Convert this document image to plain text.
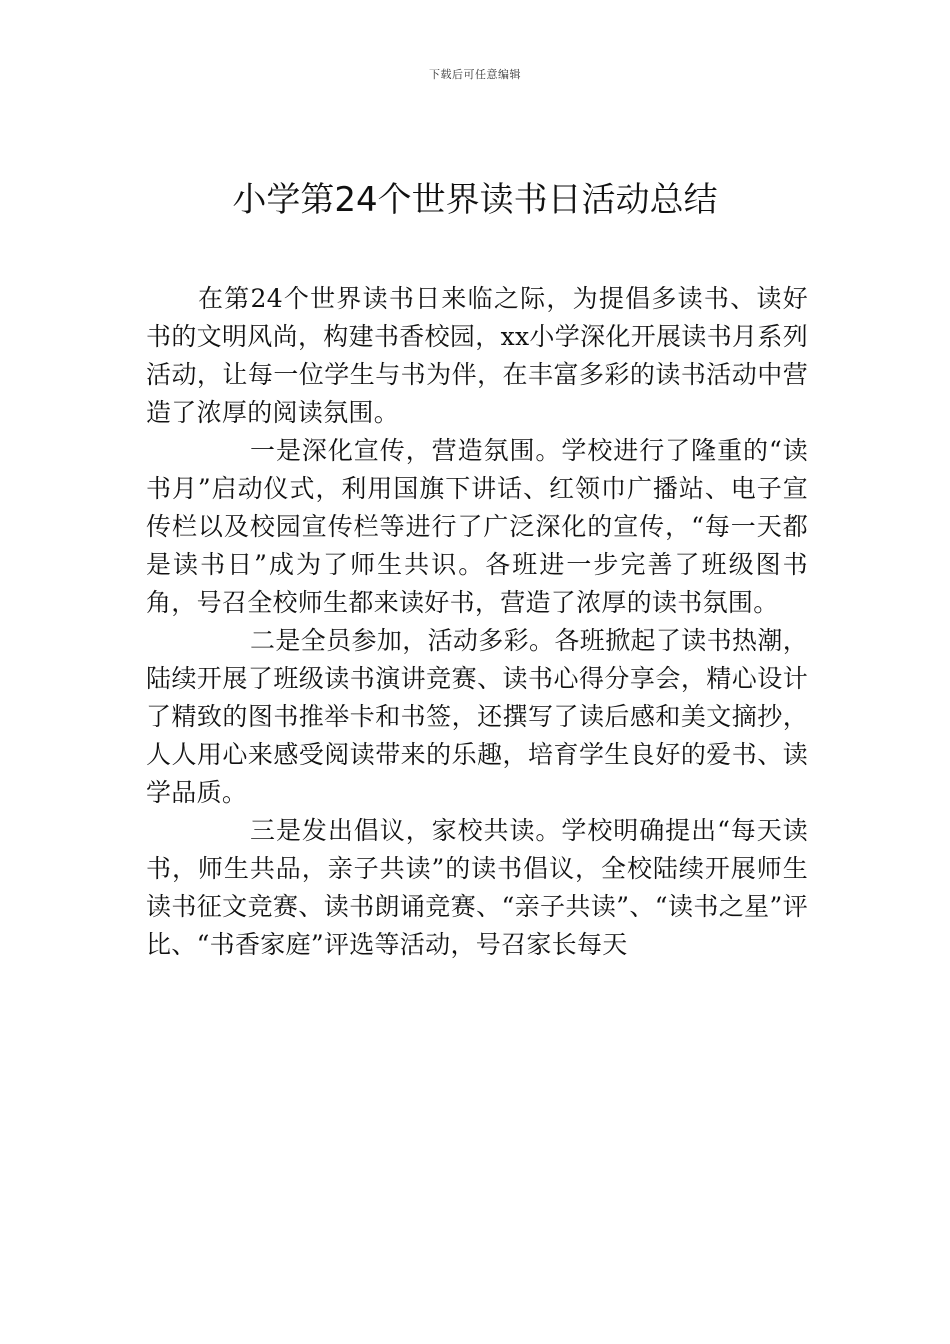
下载后可任意编辑
小学第24个世界读书日活动总结

在第24个世界读书日来临之际，为提倡多读书、读好书的文明风尚，构建书香校园，xx小学深化开展读书月系列活动，让每一位学生与书为伴，在丰富多彩的读书活动中营造了浓厚的阅读氛围。

一是深化宣传，营造氛围。学校进行了隆重的“读书月”启动仪式，利用国旗下讲话、红领巾广播站、电子宣传栏以及校园宣传栏等进行了广泛深化的宣传，“每一天都是读书日”成为了师生共识。各班进一步完善了班级图书角，号召全校师生都来读好书，营造了浓厚的读书氛围。

二是全员参加，活动多彩。各班掀起了读书热潮，陆续开展了班级读书演讲竞赛、读书心得分享会，精心设计了精致的图书推举卡和书签，还撰写了读后感和美文摘抄，人人用心来感受阅读带来的乐趣，培育学生良好的爱书、读学品质。

三是发出倡议，家校共读。学校明确提出“每天读书，师生共品，亲子共读”的读书倡议，全校陆续开展师生读书征文竞赛、读书朗诵竞赛、“亲子共读”、“读书之星”评比、“书香家庭”评选等活动，号召家长每天
